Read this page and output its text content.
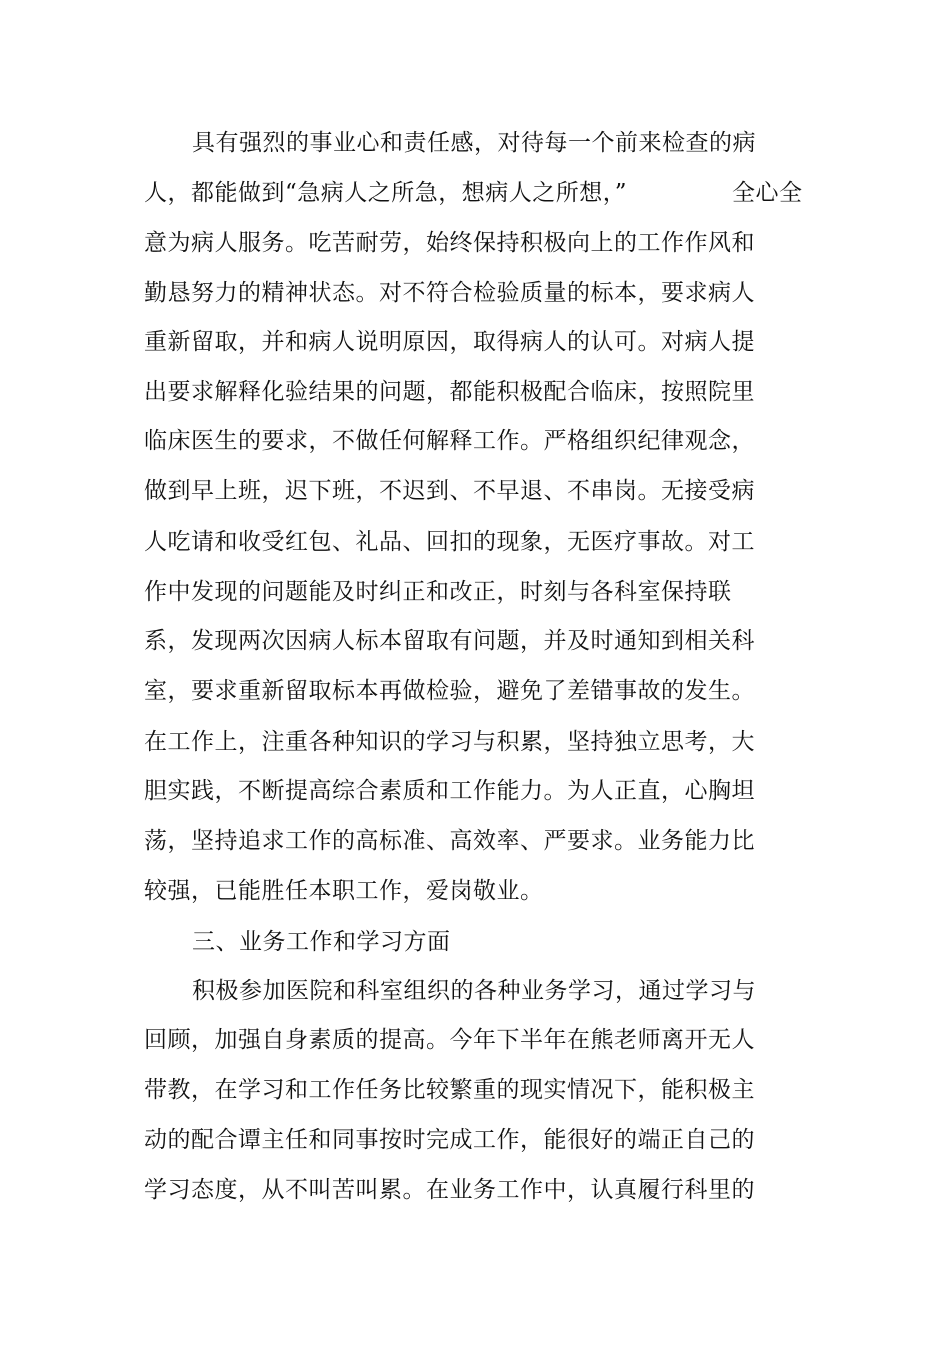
具有强烈的事业心和责任感，对待每一个前来检查的病
人，都能做到“急病人之所急，想病人之所想，”	全心全
意为病人服务。吃苦耐劳，始终保持积极向上的工作作风和
勤恳努力的精神状态。对不符合检验质量的标本，要求病人
重新留取，并和病人说明原因，取得病人的认可。对病人提
出要求解释化验结果的问题，都能积极配合临床，按照院里
临床医生的要求，不做任何解释工作。严格组织纪律观念，
做到早上班，迟下班，不迟到、不早退、不串岗。无接受病
人吃请和收受红包、礼品、回扣的现象，无医疗事故。对工
作中发现的问题能及时纠正和改正，时刻与各科室保持联
系，发现两次因病人标本留取有问题，并及时通知到相关科
室，要求重新留取标本再做检验，避免了差错事故的发生。
在工作上，注重各种知识的学习与积累，坚持独立思考，大
胆实践，不断提高综合素质和工作能力。为人正直，心胸坦
荡，坚持追求工作的高标准、高效率、严要求。业务能力比
较强，已能胜任本职工作，爱岗敬业。
三、业务工作和学习方面
积极参加医院和科室组织的各种业务学习，通过学习与
回顾，加强自身素质的提高。今年下半年在熊老师离开无人
带教，在学习和工作任务比较繁重的现实情况下，能积极主
动的配合谭主任和同事按时完成工作，能很好的端正自己的
学习态度，从不叫苦叫累。在业务工作中，认真履行科里的
